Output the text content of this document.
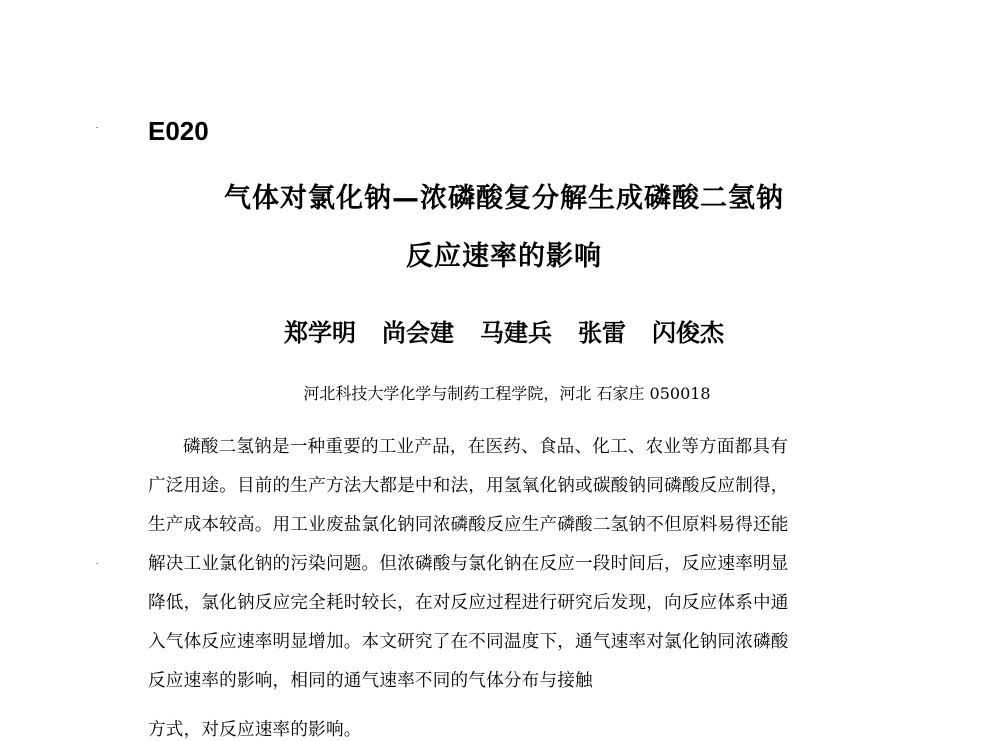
E020
气体对氯化钠—浓磷酸复分解生成磷酸二氢钠
反应速率的影响
郑学明 尚会建 马建兵 张雷 闪俊杰
河北科技大学化学与制药工程学院，河北 石家庄 050018
磷酸二氢钠是一种重要的工业产品，在医药、食品、化工、农业等方面都具有
广泛用途。目前的生产方法大都是中和法，用氢氧化钠或碳酸钠同磷酸反应制得，
生产成本较高。用工业废盐氯化钠同浓磷酸反应生产磷酸二氢钠不但原料易得还能
解决工业氯化钠的污染问题。但浓磷酸与氯化钠在反应一段时间后，反应速率明显
降低，氯化钠反应完全耗时较长，在对反应过程进行研究后发现，向反应体系中通
入气体反应速率明显增加。本文研究了在不同温度下，通气速率对氯化钠同浓磷酸
反应速率的影响，相同的通气速率不同的气体分布与接触
方式，对反应速率的影响。
